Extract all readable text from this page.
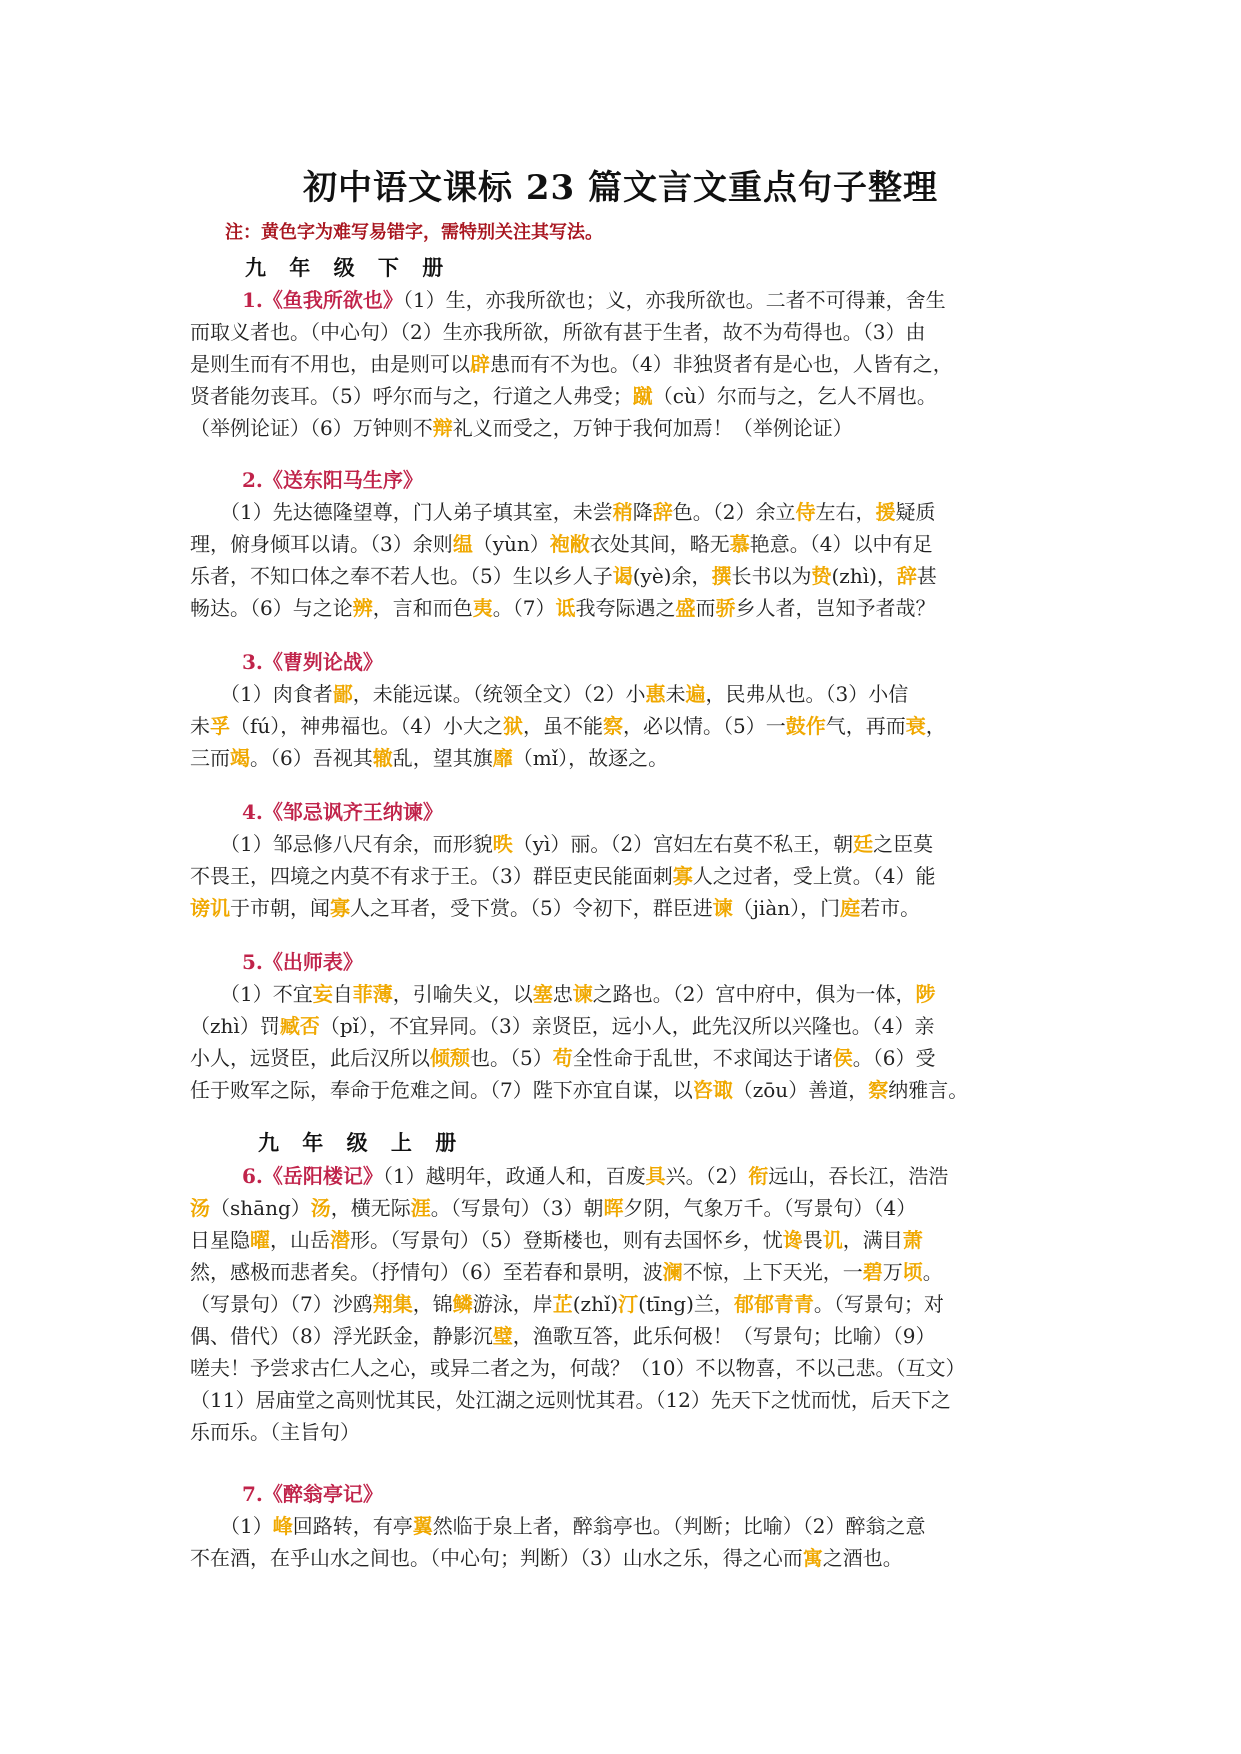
初中语文课标 23 篇文言文重点句子整理
注：黄色字为难写易错字，需特别关注其写法。
九 年 级 下 册
1.《鱼我所欲也》（1）生，亦我所欲也；义，亦我所欲也。二者不可得兼，舍生
而取义者也。（中心句）（2）生亦我所欲，所欲有甚于生者，故不为苟得也。（3）由
是则生而有不用也，由是则可以辟患而有不为也。（4）非独贤者有是心也，人皆有之，
贤者能勿丧耳。（5）呼尔而与之，行道之人弗受；蹴（cù）尔而与之，乞人不屑也。
（举例论证）（6）万钟则不辩礼义而受之，万钟于我何加焉！（举例论证）
2.《送东阳马生序》
（1）先达德隆望尊，门人弟子填其室，未尝稍降辞色。（2）余立侍左右，援疑质
理，俯身倾耳以请。（3）余则缊（yùn）袍敝衣处其间，略无慕艳意。（4）以中有足
乐者，不知口体之奉不若人也。（5）生以乡人子谒(yè)余，撰长书以为贽(zhì)，辞甚
畅达。（6）与之论辨，言和而色夷。（7）诋我夸际遇之盛而骄乡人者，岂知予者哉？
3.《曹刿论战》
（1）肉食者鄙，未能远谋。（统领全文）（2）小惠未遍，民弗从也。（3）小信
未孚（fú），神弗福也。（4）小大之狱，虽不能察，必以情。（5）一鼓作气，再而衰，
三而竭。（6）吾视其辙乱，望其旗靡（mǐ），故逐之。
4.《邹忌讽齐王纳谏》
（1）邹忌修八尺有余，而形貌昳（yì）丽。（2）宫妇左右莫不私王，朝廷之臣莫
不畏王，四境之内莫不有求于王。（3）群臣吏民能面刺寡人之过者，受上赏。（4）能
谤讥于市朝，闻寡人之耳者，受下赏。（5）令初下，群臣进谏（jiàn），门庭若市。
5.《出师表》
（1）不宜妄自菲薄，引喻失义，以塞忠谏之路也。（2）宫中府中，俱为一体，陟
（zhì）罚臧否（pǐ），不宜异同。（3）亲贤臣，远小人，此先汉所以兴隆也。（4）亲
小人，远贤臣，此后汉所以倾颓也。（5）苟全性命于乱世，不求闻达于诸侯。（6）受
任于败军之际，奉命于危难之间。（7）陛下亦宜自谋，以咨诹（zōu）善道，察纳雅言。
九 年 级 上 册
6.《岳阳楼记》（1）越明年，政通人和，百废具兴。（2）衔远山，吞长江，浩浩
汤（shāng）汤，横无际涯。（写景句）（3）朝晖夕阴，气象万千。（写景句）（4）
日星隐曜，山岳潜形。（写景句）（5）登斯楼也，则有去国怀乡，忧谗畏讥，满目萧
然，感极而悲者矣。（抒情句）（6）至若春和景明，波澜不惊，上下天光，一碧万顷。
（写景句）（7）沙鸥翔集，锦鳞游泳，岸芷(zhǐ)汀(tīng)兰，郁郁青青。（写景句；对
偶、借代）（8）浮光跃金，静影沉璧，渔歌互答，此乐何极！（写景句；比喻）（9）
嗟夫！予尝求古仁人之心，或异二者之为，何哉？（10）不以物喜，不以己悲。（互文）
（11）居庙堂之高则忧其民，处江湖之远则忧其君。（12）先天下之忧而忧，后天下之
乐而乐。（主旨句）
7.《醉翁亭记》
（1）峰回路转，有亭翼然临于泉上者，醉翁亭也。（判断；比喻）（2）醉翁之意
不在酒，在乎山水之间也。（中心句；判断）（3）山水之乐，得之心而寓之酒也。
